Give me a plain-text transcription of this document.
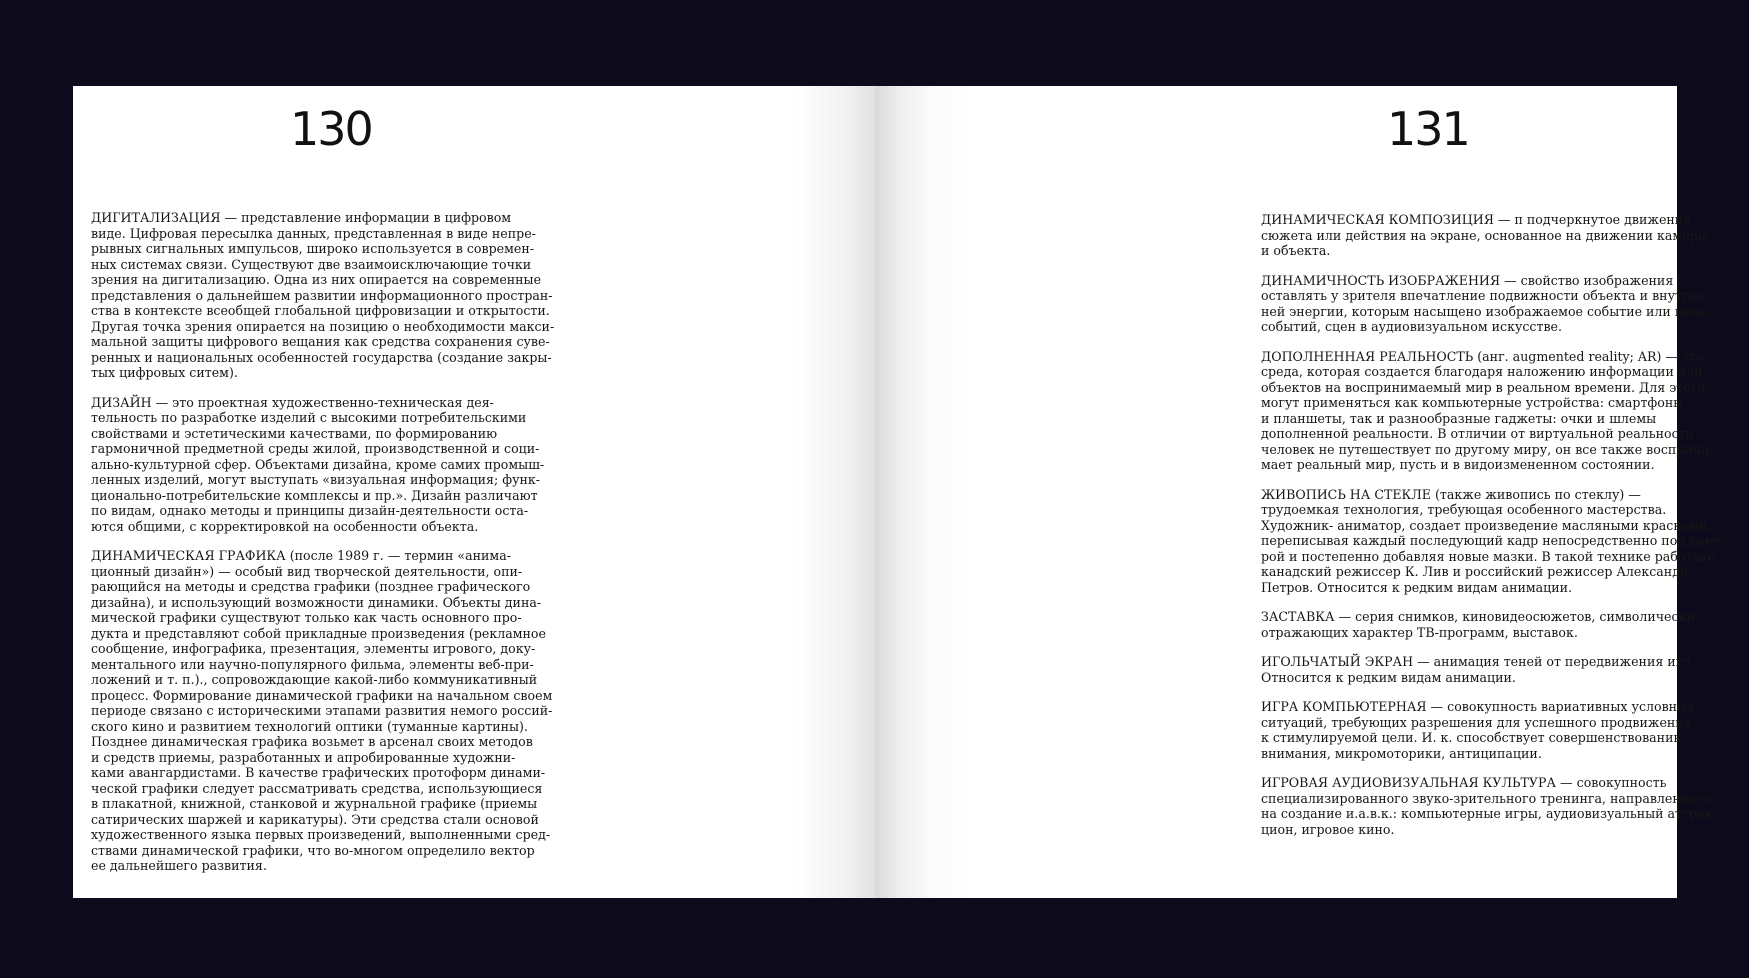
130
ДИГИТАЛИЗАЦИЯ — представление информации в цифровом
виде. Цифровая пересылка данных, представленная в виде непре-
рывных сигнальных импульсов, широко используется в современ-
ных системах связи. Существуют две взаимоисключающие точки
зрения на дигитализацию. Одна из них опирается на современные
представления о дальнейшем развитии информационного простран-
ства в контексте всеобщей глобальной цифровизации и открытости.
Другая точка зрения опирается на позицию о необходимости макси-
мальной защиты цифрового вещания как средства сохранения суве-
ренных и национальных особенностей государства (создание закры-
тых цифровых ситем).
ДИЗАЙН — это проектная художественно-техническая дея-
тельность по разработке изделий с высокими потребительскими
свойствами и эстетическими качествами, по формированию
гармоничной предметной среды жилой, производственной и соци-
ально-культурной сфер. Объектами дизайна, кроме самих промыш-
ленных изделий, могут выступать «визуальная информация; функ-
ционально-потребительские комплексы и пр.». Дизайн различают
по видам, однако методы и принципы дизайн-деятельности оста-
ются общими, с корректировкой на особенности объекта.
ДИНАМИЧЕСКАЯ ГРАФИКА (после 1989 г. — термин «анима-
ционный дизайн») — особый вид творческой деятельности, опи-
рающийся на методы и средства графики (позднее графического
дизайна), и использующий возможности динамики. Объекты дина-
мической графики существуют только как часть основного про-
дукта и представляют собой прикладные произведения (рекламное
сообщение, инфографика, презентация, элементы игрового, доку-
ментального или научно-популярного фильма, элементы веб-при-
ложений и т. п.)., сопровождающие какой-либо коммуникативный
процесс. Формирование динамической графики на начальном своем
периоде связано с историческими этапами развития немого россий-
ского кино и развитием технологий оптики (туманные картины).
Позднее динамическая графика возьмет в арсенал своих методов
и средств приемы, разработанных и апробированные художни-
ками авангардистами. В качестве графических протоформ динами-
ческой графики следует рассматривать средства, использующиеся
в плакатной, книжной, станковой и журнальной графике (приемы
сатирических шаржей и карикатуры). Эти средства стали основой
художественного языка первых произведений, выполненными сред-
ствами динамической графики, что во-многом определило вектор
ее дальнейшего развития.
131
ДИНАМИЧЕСКАЯ КОМПОЗИЦИЯ — п подчеркнутое движение
сюжета или действия на экране, основанное на движении камеры
и объекта.
ДИНАМИЧНОСТЬ ИЗОБРАЖЕНИЯ — свойство изображения
оставлять у зрителя впечатление подвижности объекта и внутрен-
ней энергии, которым насыщено изображаемое событие или цель
событий, сцен в аудиовизуальном искусстве.
ДОПОЛНЕННАЯ РЕАЛЬНОСТЬ (анг. augmented reality; AR) — это
среда, которая создается благодаря наложению информации или
объектов на воспринимаемый мир в реальном времени. Для этого
могут применяться как компьютерные устройства: смартфоны
и планшеты, так и разнообразные гаджеты: очки и шлемы
дополненной реальности. В отличии от виртуальной реальности
человек не путешествует по другому миру, он все также восприни-
мает реальный мир, пусть и в видоизмененном состоянии.
ЖИВОПИСЬ НА СТЕКЛЕ (также живопись по стеклу) —
трудоемкая технология, требующая особенного мастерства.
Художник- аниматор, создает произведение масляными красками,
переписывая каждый последующий кадр непосредственно под каме-
рой и постепенно добавляя новые мазки. В такой технике работают
канадский режиссер К. Лив и российский режиссер Александр
Петров. Относится к редким видам анимации.
ЗАСТАВКА — серия снимков, киновидеосюжетов, символически
отражающих характер ТВ-программ, выставок.
ИГОЛЬЧАТЫЙ ЭКРАН — анимация теней от передвижения игл.
Относится к редким видам анимации.
ИГРА КОМПЬЮТЕРНАЯ — совокупность вариативных условных
ситуаций, требующих разрешения для успешного продвижения
к стимулируемой цели. И. к. способствует совершенствованию
внимания, микромоторики, антиципации.
ИГРОВАЯ АУДИОВИЗУАЛЬНАЯ КУЛЬТУРА — совокупность
специализированного звуко-зрительного тренинга, направленного
на создание и.а.в.к.: компьютерные игры, аудиовизуальный аттрак-
цион, игровое кино.
